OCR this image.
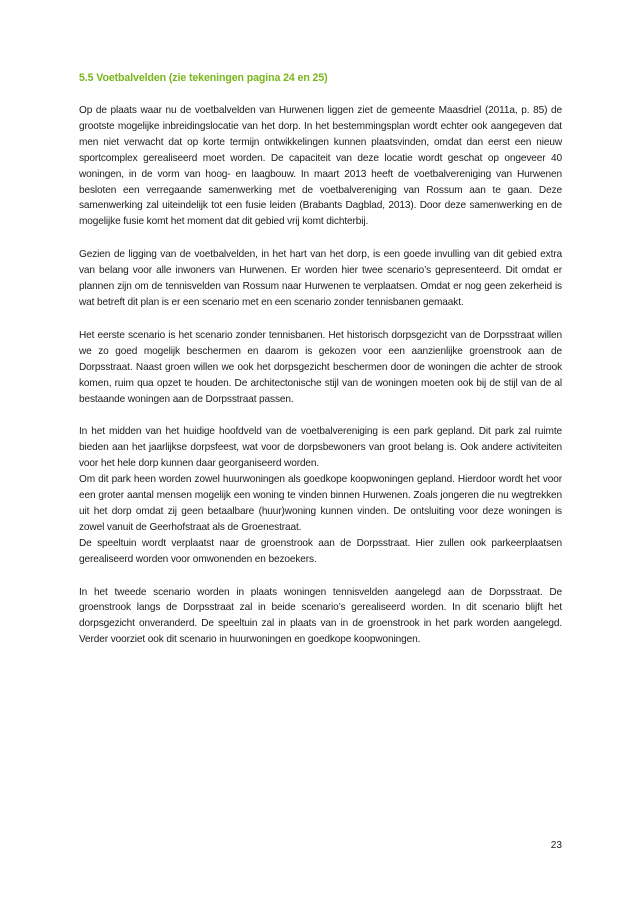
5.5 Voetbalvelden (zie tekeningen pagina 24 en 25)

Op de plaats waar nu de voetbalvelden van Hurwenen liggen ziet de gemeente Maasdriel (2011a, p. 85) de grootste mogelijke inbreidingslocatie van het dorp. In het bestemmingsplan wordt echter ook aangegeven dat men niet verwacht dat op korte termijn ontwikkelingen kunnen plaatsvinden, omdat dan eerst een nieuw sportcomplex gerealiseerd moet worden. De capaciteit van deze locatie wordt geschat op ongeveer 40 woningen, in de vorm van hoog- en laagbouw. In maart 2013 heeft de voetbalvereniging van Hurwenen besloten een verregaande samenwerking met de voetbalvereniging van Rossum aan te gaan. Deze samenwerking zal uiteindelijk tot een fusie leiden (Brabants Dagblad, 2013). Door deze samenwerking en de mogelijke fusie komt het moment dat dit gebied vrij komt dichterbij.

Gezien de ligging van de voetbalvelden, in het hart van het dorp, is een goede invulling van dit gebied extra van belang voor alle inwoners van Hurwenen. Er worden hier twee scenario’s gepresenteerd. Dit omdat er plannen zijn om de tennisvelden van Rossum naar Hurwenen te verplaatsen. Omdat er nog geen zekerheid is wat betreft dit plan is er een scenario met en een scenario zonder tennisbanen gemaakt.

Het eerste scenario is het scenario zonder tennisbanen. Het historisch dorpsgezicht van de Dorpsstraat willen we zo goed mogelijk beschermen en daarom is gekozen voor een aanzienlijke groenstrook aan de Dorpsstraat. Naast groen willen we ook het dorpsgezicht beschermen door de woningen die achter de strook komen, ruim qua opzet te houden. De architectonische stijl van de woningen moeten ook bij de stijl van de al bestaande woningen aan de Dorpsstraat passen.

In het midden van het huidige hoofdveld van de voetbalvereniging is een park gepland. Dit park zal ruimte bieden aan het jaarlijkse dorpsfeest, wat voor de dorpsbewoners van groot belang is. Ook andere activiteiten voor het hele dorp kunnen daar georganiseerd worden.

Om dit park heen worden zowel huurwoningen als goedkope koopwoningen gepland. Hierdoor wordt het voor een groter aantal mensen mogelijk een woning te vinden binnen Hurwenen. Zoals jongeren die nu wegtrekken uit het dorp omdat zij geen betaalbare (huur)woning kunnen vinden. De ontsluiting voor deze woningen is zowel vanuit de Geerhofstraat als de Groenestraat.

De speeltuin wordt verplaatst naar de groenstrook aan de Dorpsstraat. Hier zullen ook parkeerplaatsen gerealiseerd worden voor omwonenden en bezoekers.

In het tweede scenario worden in plaats woningen tennisvelden aangelegd aan de Dorpsstraat. De groenstrook langs de Dorpsstraat zal in beide scenario’s gerealiseerd worden. In dit scenario blijft het dorpsgezicht onveranderd. De speeltuin zal in plaats van in de groenstrook in het park worden aangelegd. Verder voorziet ook dit scenario in huurwoningen en goedkope koopwoningen.

23
